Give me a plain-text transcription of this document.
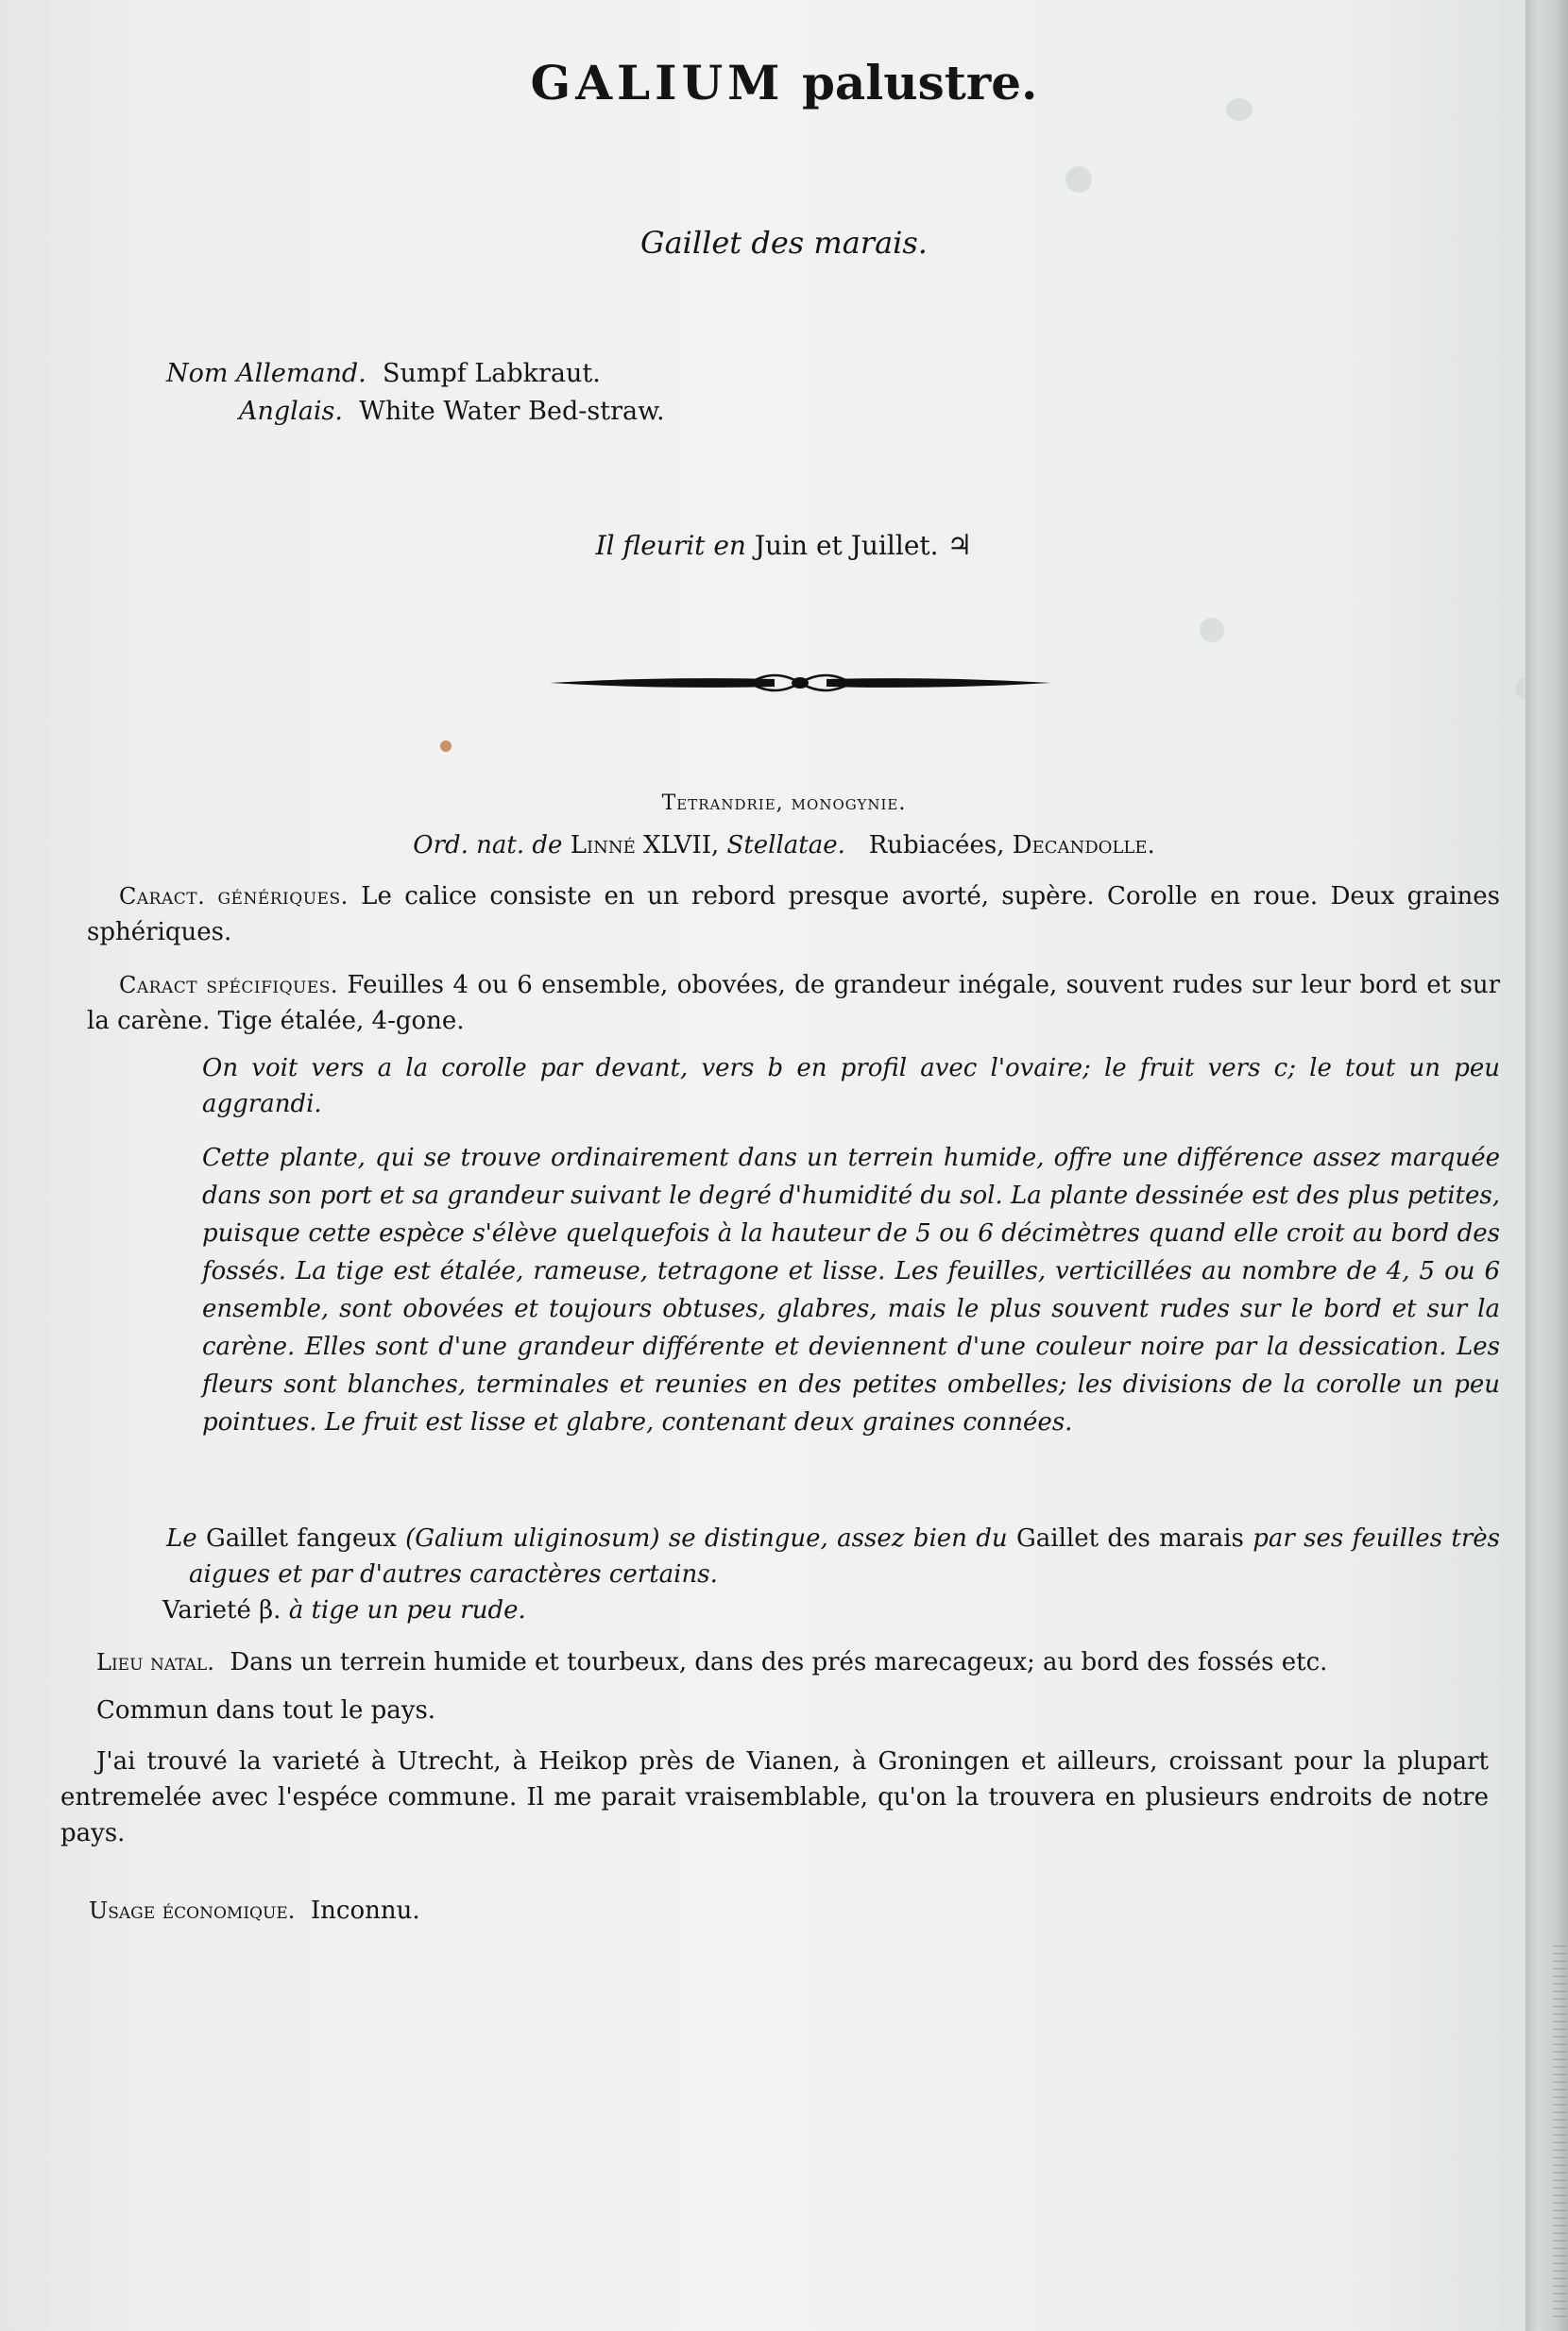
GALIUM palustre.
Gaillet des marais.
Nom Allemand. Sumpf Labkraut.
Anglais. White Water Bed-straw.
Il fleurit en Juin et Juillet. ♃
Tetrandrie, monogynie.
Ord. nat. de Linné XLVII, Stellatae. Rubiacées, Decandolle.
Caract. génériques. Le calice consiste en un rebord presque avorté, supère. Corolle en roue. Deux graines sphériques.
Caract spécifiques. Feuilles 4 ou 6 ensemble, obovées, de grandeur inégale, souvent rudes sur leur bord et sur la carène. Tige étalée, 4-gone.
On voit vers a la corolle par devant, vers b en profil avec l'ovaire; le fruit vers c; le tout un peu aggrandi.
Cette plante, qui se trouve ordinairement dans un terrein humide, offre une différence assez marquée dans son port et sa grandeur suivant le degré d'humidité du sol. La plante dessinée est des plus petites, puisque cette espèce s'élève quelquefois à la hauteur de 5 ou 6 décimètres quand elle croit au bord des fossés. La tige est étalée, rameuse, tetragone et lisse. Les feuilles, verticillées au nombre de 4, 5 ou 6 ensemble, sont obovées et toujours obtuses, glabres, mais le plus souvent rudes sur le bord et sur la carène. Elles sont d'une grandeur différente et deviennent d'une couleur noire par la dessication. Les fleurs sont blanches, terminales et reunies en des petites ombelles; les divisions de la corolle un peu pointues. Le fruit est lisse et glabre, contenant deux graines connées.
Le Gaillet fangeux (Galium uliginosum) se distingue, assez bien du Gaillet des marais par ses feuilles très aigues et par d'autres caractères certains.
Varieté β. à tige un peu rude.
Lieu natal. Dans un terrein humide et tourbeux, dans des prés marecageux; au bord des fossés etc.
Commun dans tout le pays.
J'ai trouvé la varieté à Utrecht, à Heikop près de Vianen, à Groningen et ailleurs, croissant pour la plupart entremelée avec l'espéce commune. Il me parait vraisemblable, qu'on la trouvera en plusieurs endroits de notre pays.
Usage économique. Inconnu.
